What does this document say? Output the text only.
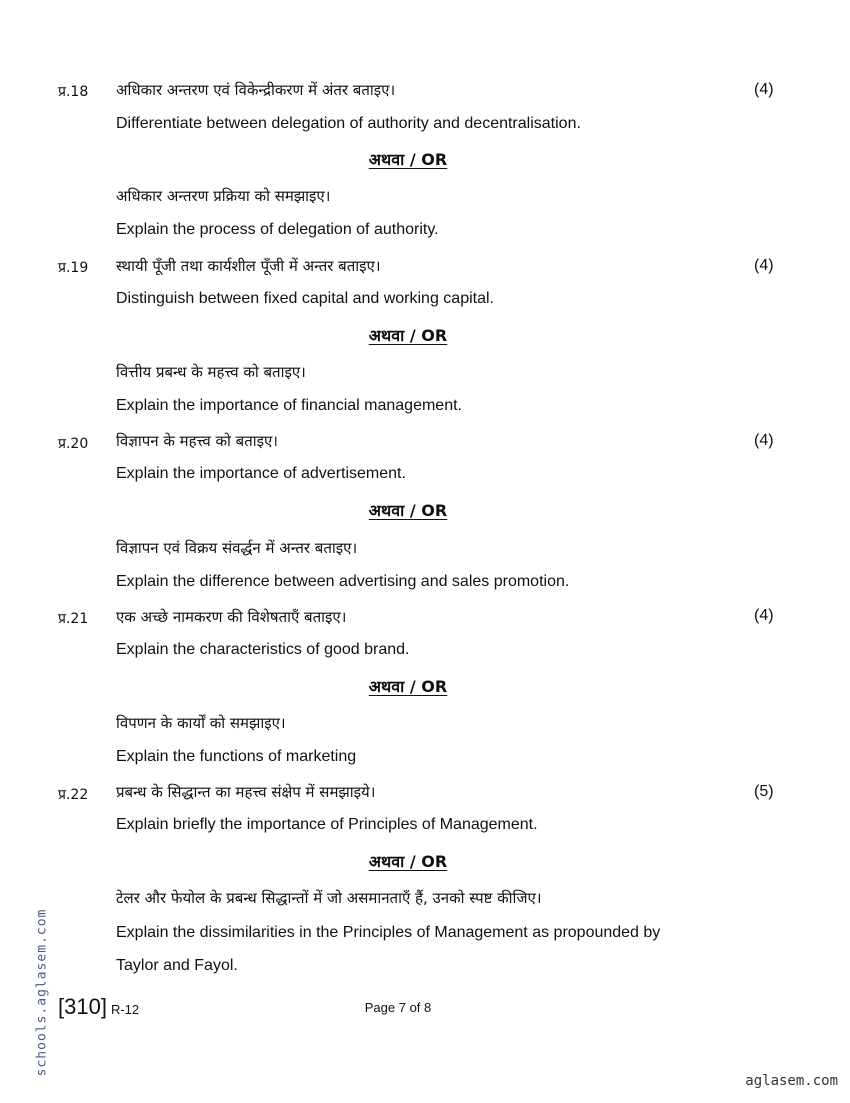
प्र.18 अधिकार अन्तरण एवं विकेन्द्रीकरण में अंतर बताइए।	(4)
Differentiate between delegation of authority and decentralisation.
अथवा / OR
अधिकार अन्तरण प्रक्रिया को समझाइए।
Explain the process of delegation of authority.
प्र.19 स्थायी पूँजी तथा कार्यशील पूँजी में अन्तर बताइए।	(4)
Distinguish between fixed capital and working capital.
अथवा / OR
वित्तीय प्रबन्ध के महत्त्व को बताइए।
Explain the importance of financial management.
प्र.20 विज्ञापन के महत्त्व को बताइए।	(4)
Explain the importance of advertisement.
अथवा / OR
विज्ञापन एवं विक्रय संवर्द्धन में अन्तर बताइए।
Explain the difference between advertising and sales promotion.
प्र.21 एक अच्छे नामकरण की विशेषताएँ बताइए।	(4)
Explain the characteristics of good brand.
अथवा / OR
विपणन के कार्यों को समझाइए।
Explain the functions of marketing
प्र.22 प्रबन्ध के सिद्धान्त का महत्त्व संक्षेप में समझाइये।	(5)
Explain briefly the importance of Principles of Management.
अथवा / OR
टेलर और फेयोल के प्रबन्ध सिद्धान्तों में जो असमानताएँ हैं, उनको स्पष्ट कीजिए।
Explain the dissimilarities in the Principles of Management as propounded by
Taylor and Fayol.
[310] R-12	Page 7 of 8
schools.aglasem.com
aglasem.com
